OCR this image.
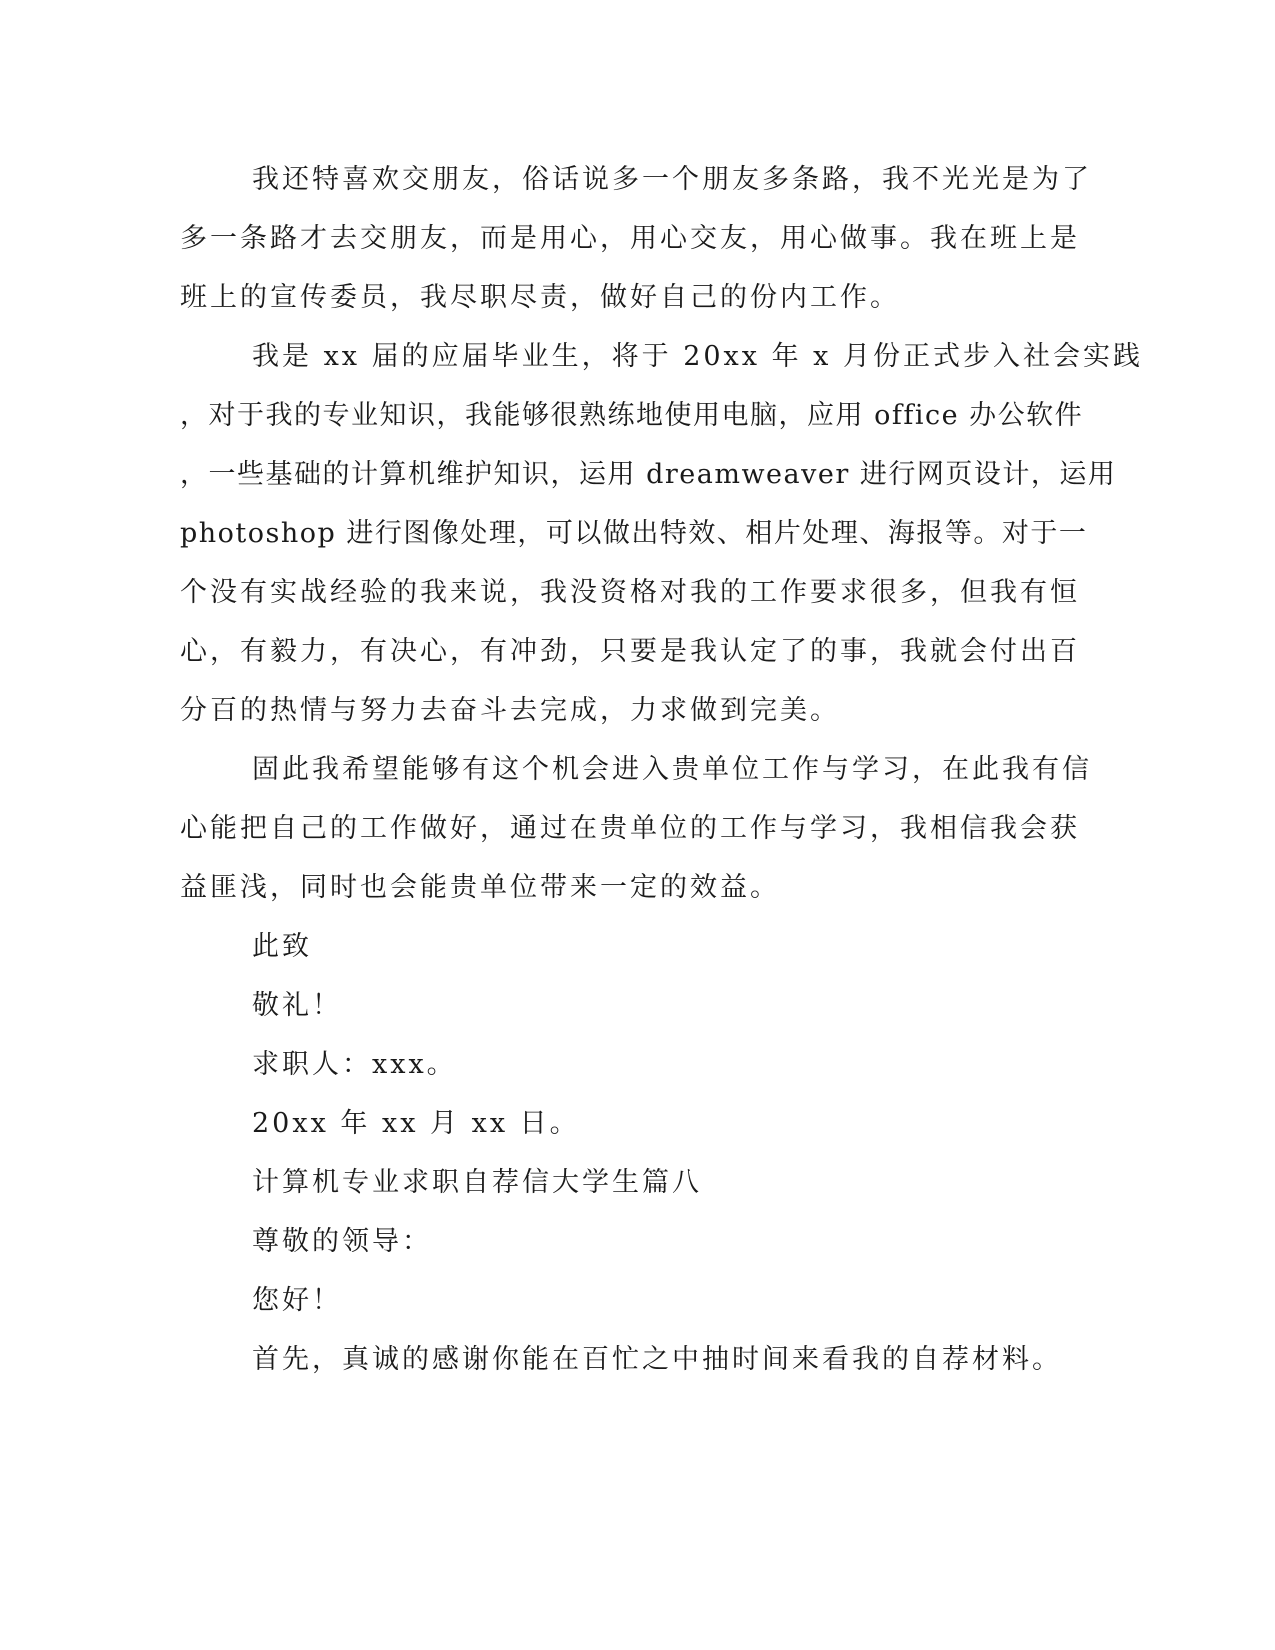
我还特喜欢交朋友，俗话说多一个朋友多条路，我不光光是为了
多一条路才去交朋友，而是用心，用心交友，用心做事。我在班上是
班上的宣传委员，我尽职尽责，做好自己的份内工作。
我是 xx 届的应届毕业生，将于 20xx 年 x 月份正式步入社会实践
，对于我的专业知识，我能够很熟练地使用电脑，应用 office 办公软件
，一些基础的计算机维护知识，运用 dreamweaver 进行网页设计，运用
photoshop 进行图像处理，可以做出特效、相片处理、海报等。对于一
个没有实战经验的我来说，我没资格对我的工作要求很多，但我有恒
心，有毅力，有决心，有冲劲，只要是我认定了的事，我就会付出百
分百的热情与努力去奋斗去完成，力求做到完美。
固此我希望能够有这个机会进入贵单位工作与学习，在此我有信
心能把自己的工作做好，通过在贵单位的工作与学习，我相信我会获
益匪浅，同时也会能贵单位带来一定的效益。
此致
敬礼！
求职人：xxx。
20xx 年 xx 月 xx 日。
计算机专业求职自荐信大学生篇八
尊敬的领导：
您好！
首先，真诚的感谢你能在百忙之中抽时间来看我的自荐材料。
